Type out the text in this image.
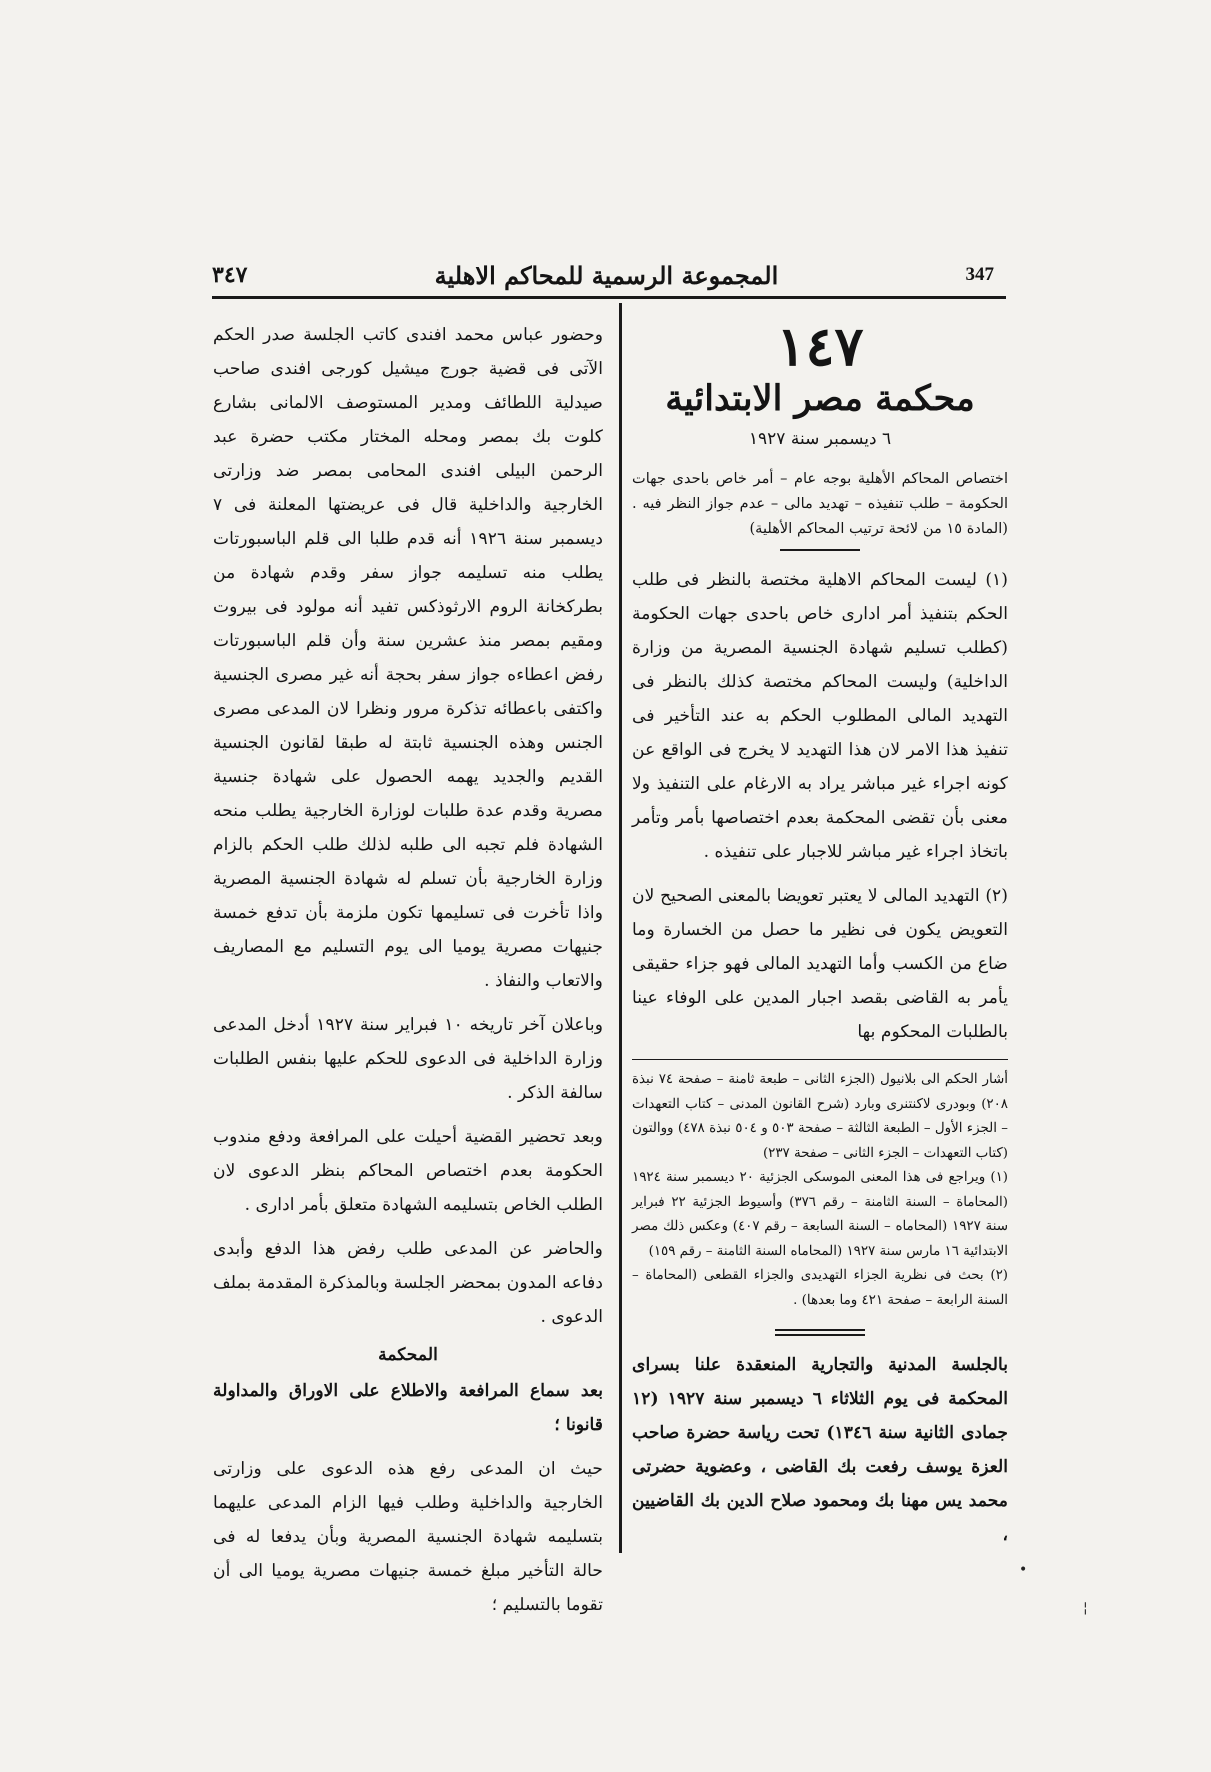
٣٤٧	المجموعة الرسمية للمحاكم الاهلية	347
١٤٧
محكمة مصر الابتدائية
٦ ديسمبر سنة ١٩٢٧

اختصاص المحاكم الأهلية بوجه عام – أمر خاص باحدى جهات الحكومة – طلب تنفيذه – تهديد مالى – عدم جواز النظر فيه . (المادة ١٥ من لائحة ترتيب المحاكم الأهلية)

(١) ليست المحاكم الاهلية مختصة بالنظر فى طلب الحكم بتنفيذ أمر ادارى خاص باحدى جهات الحكومة (كطلب تسليم شهادة الجنسية المصرية من وزارة الداخلية) وليست المحاكم مختصة كذلك بالنظر فى التهديد المالى المطلوب الحكم به عند التأخير فى تنفيذ هذا الامر لان هذا التهديد لا يخرج فى الواقع عن كونه اجراء غير مباشر يراد به الارغام على التنفيذ ولا معنى بأن تقضى المحكمة بعدم اختصاصها بأمر وتأمر باتخاذ اجراء غير مباشر للاجبار على تنفيذه .

(٢) التهديد المالى لا يعتبر تعويضا بالمعنى الصحيح لان التعويض يكون فى نظير ما حصل من الخسارة وما ضاع من الكسب وأما التهديد المالى فهو جزاء حقيقى يأمر به القاضى بقصد اجبار المدين على الوفاء عينا بالطلبات المحكوم بها

أشار الحكم الى بلانيول (الجزء الثانى – طبعة ثامنة – صفحة ٧٤ نبذة ٢٠٨) وبودرى لاكنتنرى وبارد (شرح القانون المدنى – كتاب التعهدات – الجزء الأول – الطبعة الثالثة – صفحة ٥٠٣ و ٥٠٤ نبذة ٤٧٨) ووالتون (كتاب التعهدات – الجزء الثانى – صفحة ٢٣٧)

(١) ويراجع فى هذا المعنى الموسكى الجزئية ٢٠ ديسمبر سنة ١٩٢٤ (المحاماة – السنة الثامنة – رقم ٣٧٦) وأسيوط الجزئية ٢٢ فبراير سنة ١٩٢٧ (المحاماه – السنة السابعة – رقم ٤٠٧) وعكس ذلك مصر الابتدائية ١٦ مارس سنة ١٩٢٧ (المحاماه السنة الثامنة – رقم ١٥٩)

(٢) بحث فى نظرية الجزاء التهديدى والجزاء القطعى (المحاماة – السنة الرابعة – صفحة ٤٢١ وما بعدها) .

بالجلسة المدنية والتجارية المنعقدة علنا بسراى المحكمة فى يوم الثلاثاء ٦ ديسمبر سنة ١٩٢٧ (١٢ جمادى الثانية سنة ١٣٤٦) تحت رياسة حضرة صاحب العزة يوسف رفعت بك القاضى ، وعضوية حضرتى محمد يس مهنا بك ومحمود صلاح الدين بك القاضيين ،

وحضور عباس محمد افندى كاتب الجلسة صدر الحكم الآتى فى قضية جورج ميشيل كورجى افندى صاحب صيدلية اللطائف ومدير المستوصف الالمانى بشارع كلوت بك بمصر ومحله المختار مكتب حضرة عبد الرحمن البيلى افندى المحامى بمصر ضد وزارتى الخارجية والداخلية قال فى عريضتها المعلنة فى ٧ ديسمبر سنة ١٩٢٦ أنه قدم طلبا الى قلم الباسبورتات يطلب منه تسليمه جواز سفر وقدم شهادة من بطركخانة الروم الارثوذكس تفيد أنه مولود فى بيروت ومقيم بمصر منذ عشرين سنة وأن قلم الباسبورتات رفض اعطاءه جواز سفر بحجة أنه غير مصرى الجنسية واكتفى باعطائه تذكرة مرور ونظرا لان المدعى مصرى الجنس وهذه الجنسية ثابتة له طبقا لقانون الجنسية القديم والجديد يهمه الحصول على شهادة جنسية مصرية وقدم عدة طلبات لوزارة الخارجية يطلب منحه الشهادة فلم تجبه الى طلبه لذلك طلب الحكم بالزام وزارة الخارجية بأن تسلم له شهادة الجنسية المصرية واذا تأخرت فى تسليمها تكون ملزمة بأن تدفع خمسة جنيهات مصرية يوميا الى يوم التسليم مع المصاريف والاتعاب والنفاذ .

وباعلان آخر تاريخه ١٠ فبراير سنة ١٩٢٧ أدخل المدعى وزارة الداخلية فى الدعوى للحكم عليها بنفس الطلبات سالفة الذكر .

وبعد تحضير القضية أحيلت على المرافعة ودفع مندوب الحكومة بعدم اختصاص المحاكم بنظر الدعوى لان الطلب الخاص بتسليمه الشهادة متعلق بأمر ادارى .

والحاضر عن المدعى طلب رفض هذا الدفع وأبدى دفاعه المدون بمحضر الجلسة وبالمذكرة المقدمة بملف الدعوى .

المحكمة

بعد سماع المرافعة والاطلاع على الاوراق والمداولة قانونا ؛

حيث ان المدعى رفع هذه الدعوى على وزارتى الخارجية والداخلية وطلب فيها الزام المدعى عليهما بتسليمه شهادة الجنسية المصرية وبأن يدفعا له فى حالة التأخير مبلغ خمسة جنيهات مصرية يوميا الى أن تقوما بالتسليم ؛

•
¦
